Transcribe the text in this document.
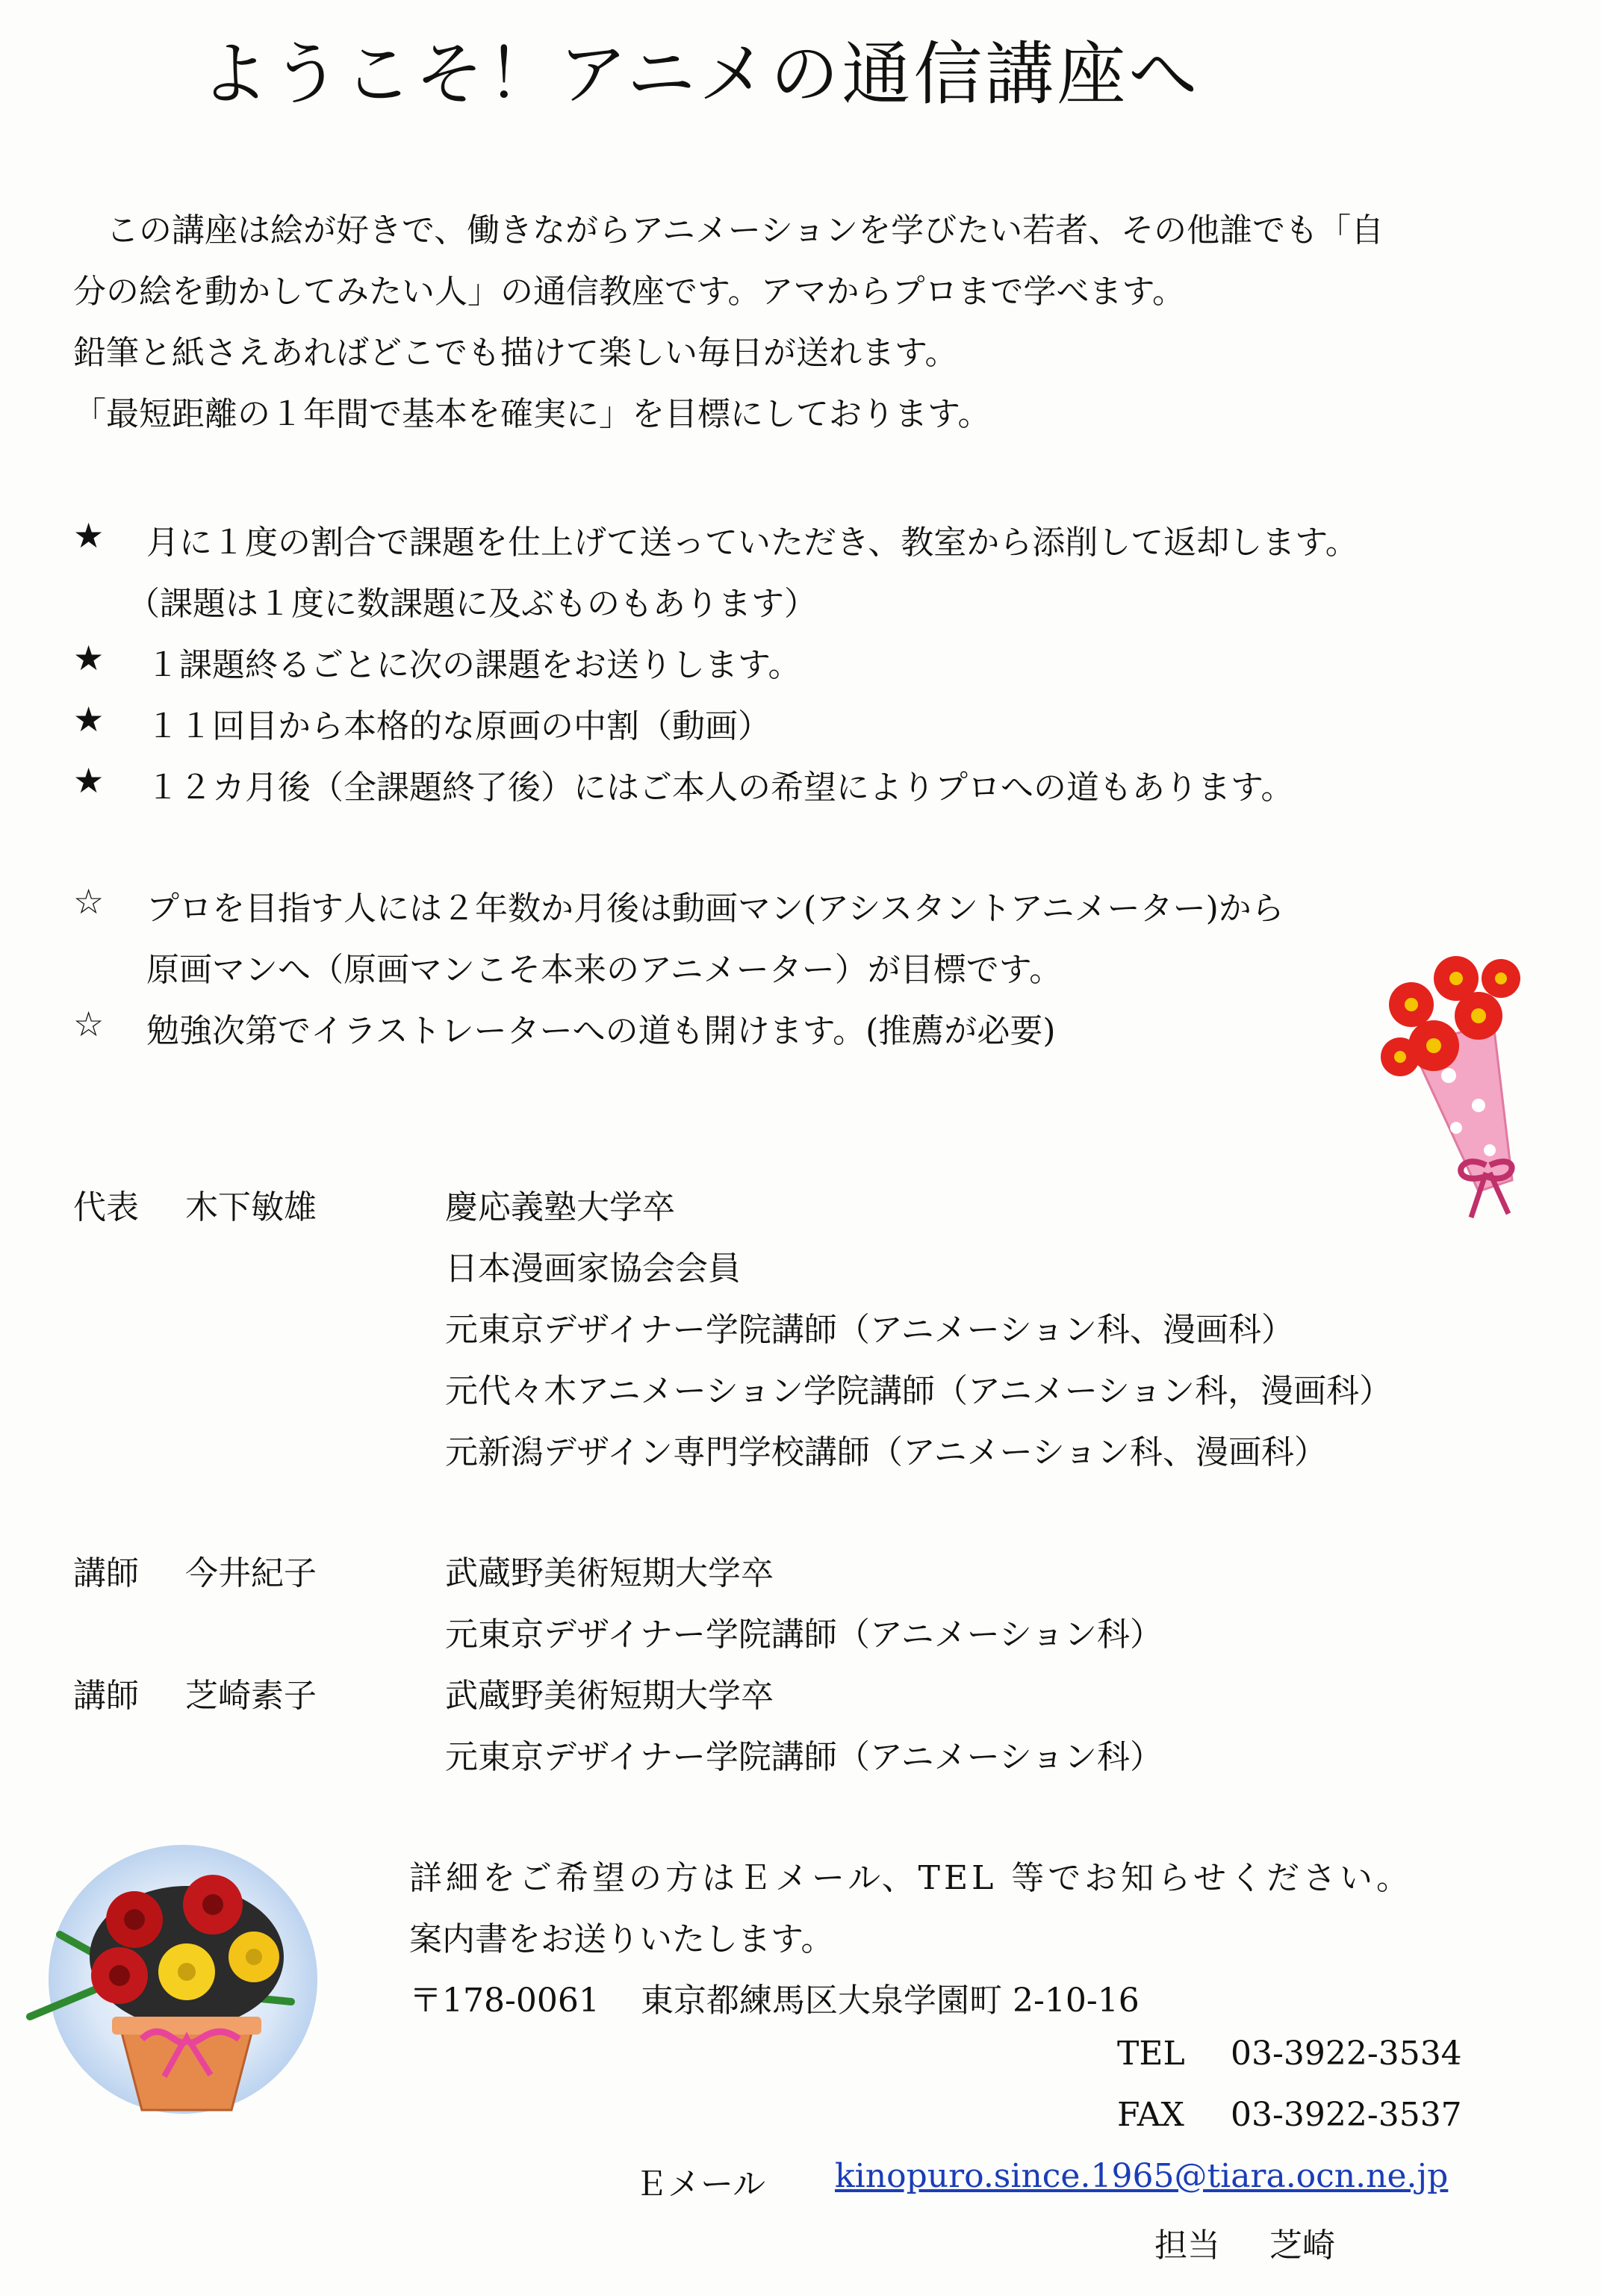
ようこそ！アニメの通信講座へ
　この講座は絵が好きで、働きながらアニメーションを学びたい若者、その他誰でも「自
分の絵を動かしてみたい人」の通信教座です。アマからプロまで学べます。
鉛筆と紙さえあればどこでも描けて楽しい毎日が送れます。
「最短距離の１年間で基本を確実に」を目標にしております。
★ 月に１度の割合で課題を仕上げて送っていただき、教室から添削して返却します。
（課題は１度に数課題に及ぶものもあります）
★ １課題終るごとに次の課題をお送りします。
★ １１回目から本格的な原画の中割（動画）
★ １２カ月後（全課題終了後）にはご本人の希望によりプロへの道もあります。
☆ プロを目指す人には２年数か月後は動画マン(アシスタントアニメーター)から
原画マンへ（原画マンこそ本来のアニメーター）が目標です。
☆ 勉強次第でイラストレーターへの道も開けます。(推薦が必要)
代表 木下敏雄	慶応義塾大学卒
日本漫画家協会会員
元東京デザイナー学院講師（アニメーション科、漫画科）
元代々木アニメーション学院講師（アニメーション科，漫画科）
元新潟デザイン専門学校講師（アニメーション科、漫画科）
講師 今井紀子	武蔵野美術短期大学卒
元東京デザイナー学院講師（アニメーション科）
講師 芝崎素子	武蔵野美術短期大学卒
元東京デザイナー学院講師（アニメーション科）
詳細をご希望の方はＥメール、TEL 等でお知らせください。
案内書をお送りいたします。
〒178-0061 東京都練馬区大泉学園町 2-10-16
TEL 03-3922-3534
FAX 03-3922-3537
Ｅメール kinopuro.since.1965@tiara.ocn.ne.jp
担当 芝崎
